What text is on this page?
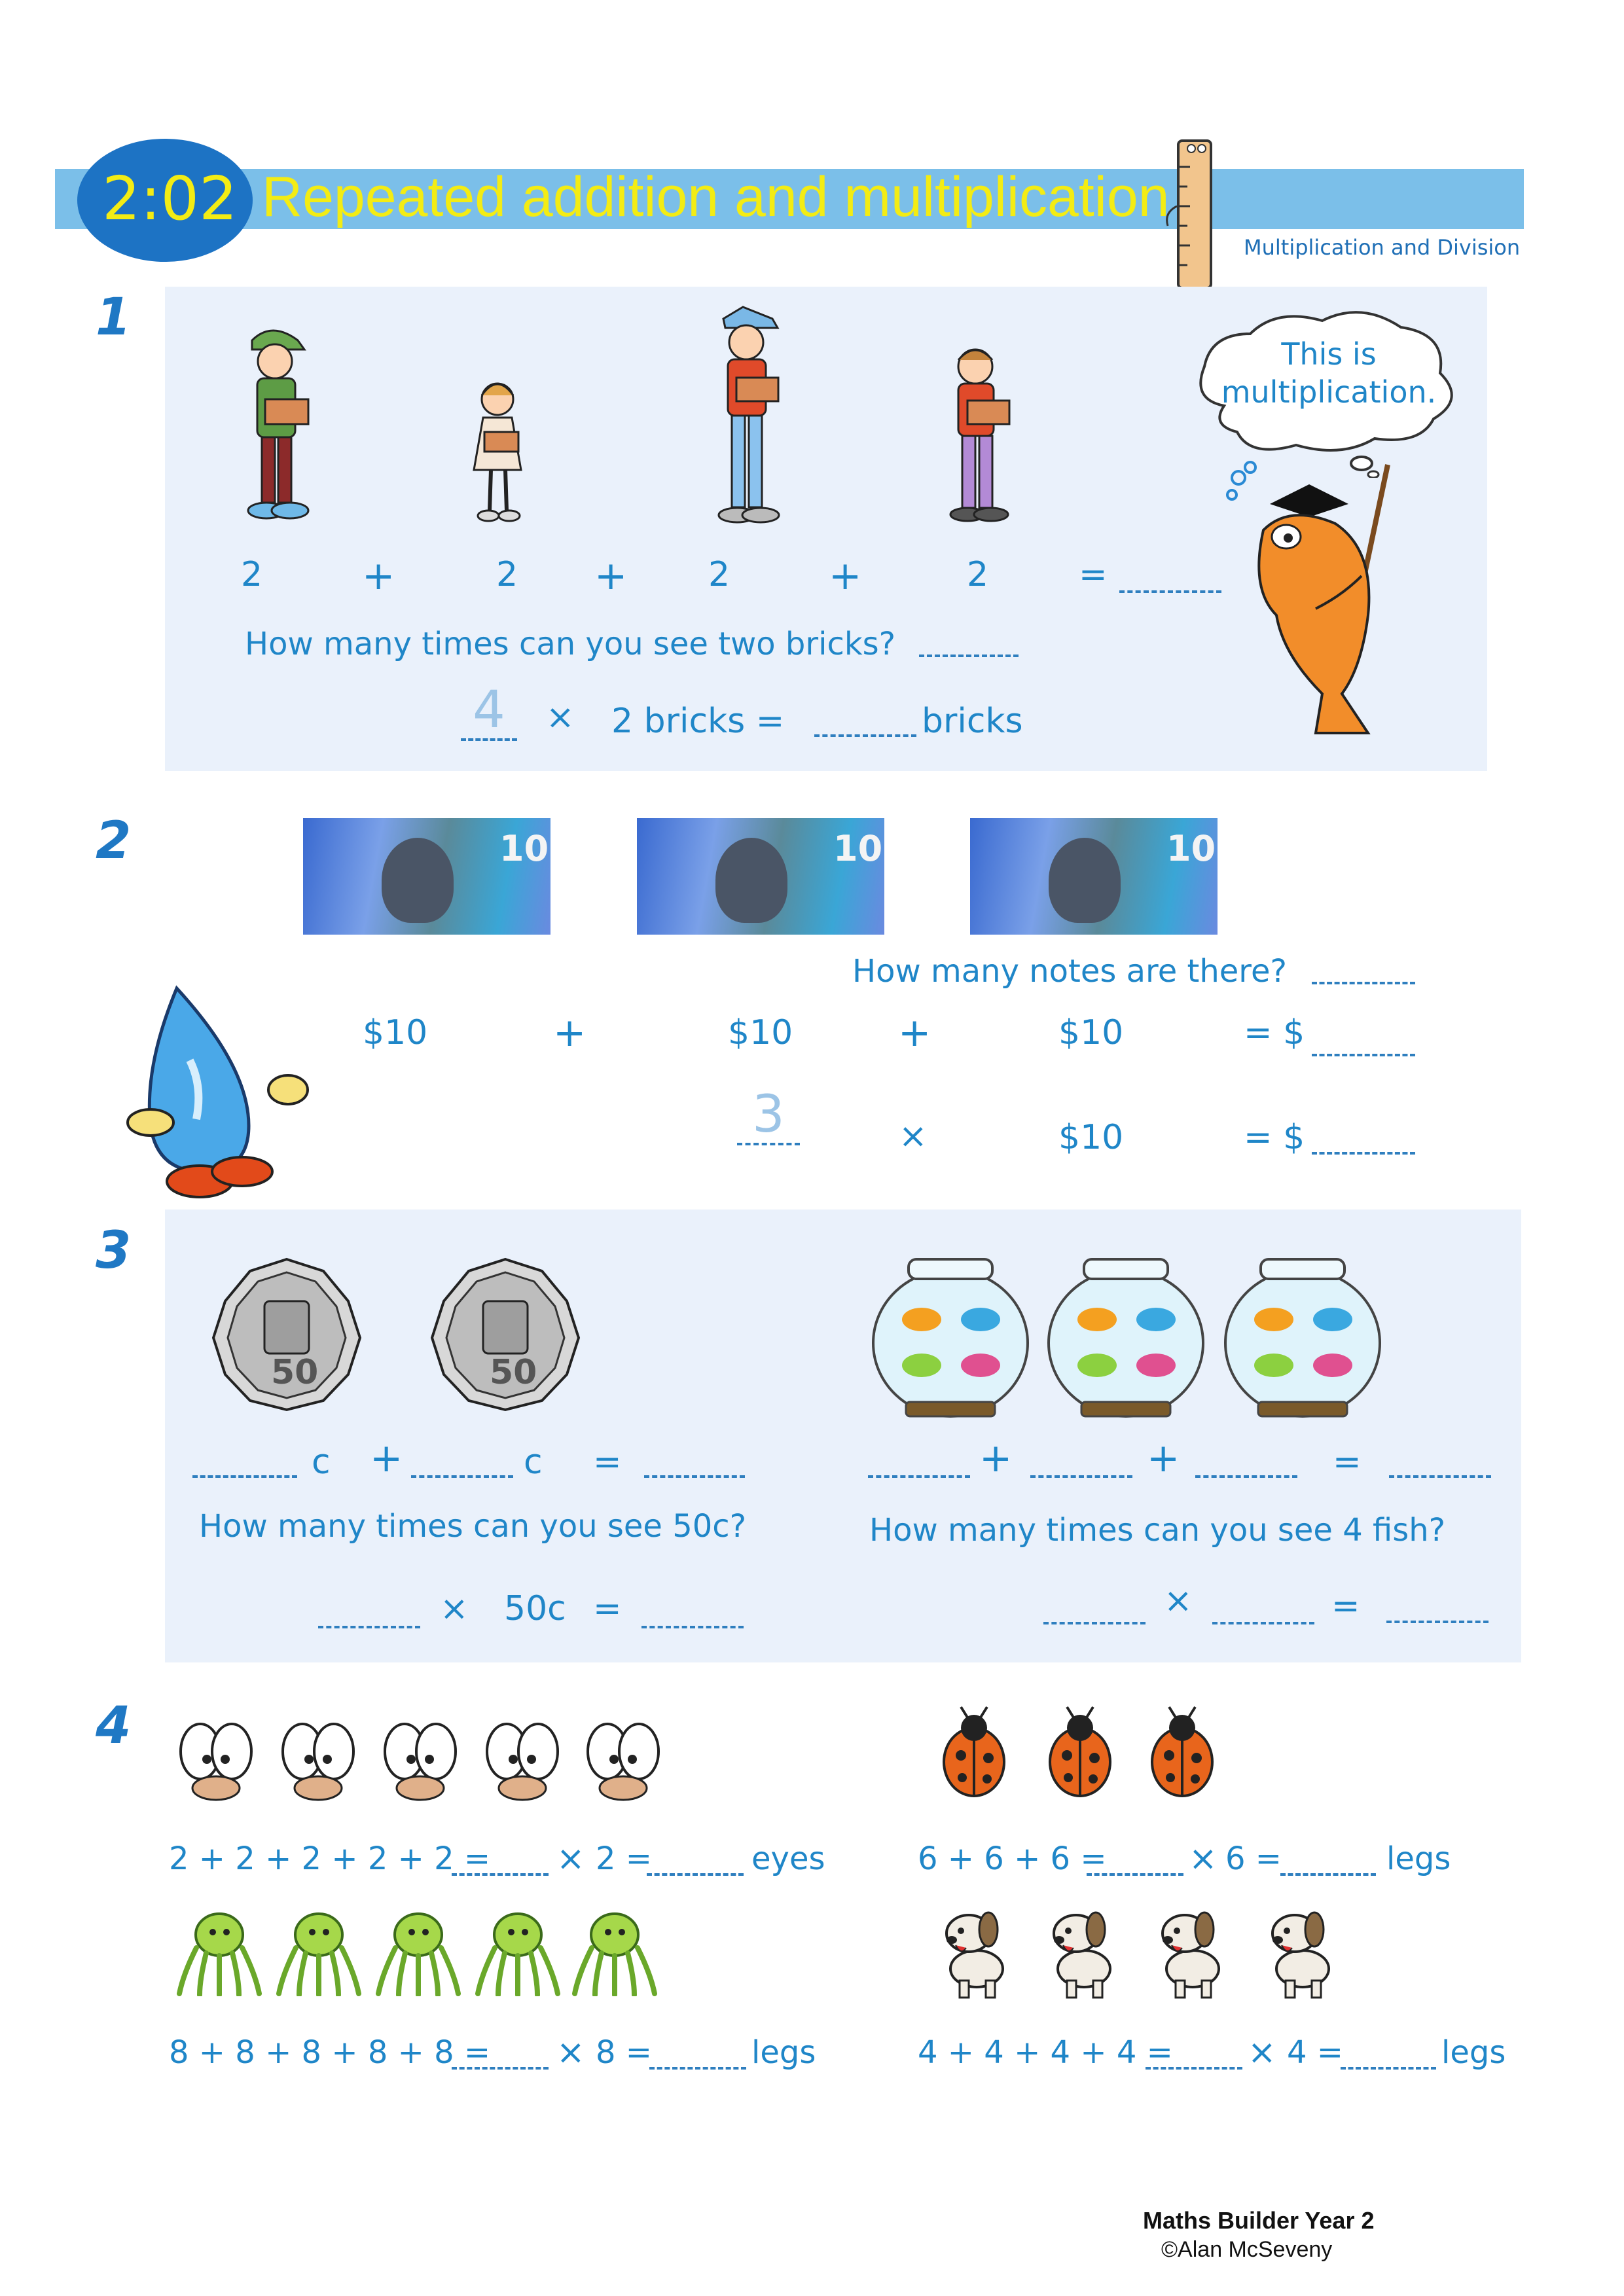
2:02 Repeated addition and multiplication
Multiplication and Division
1
This is multiplication.
2	+	2 + 2	+	2	=
How many times can you see two bricks?
4	× 2 bricks =	bricks
2	10	10	10
How many notes are there?
$10	+	$10	+	$10	= $
3	×	$10	= $
3
50	50
c +	c =
How many times can you see 50c?
× 50c =
+	+	=
How many times can you see 4 fish?
×	=
4
2 + 2 + 2 + 2 + 2 = × 2 =	eyes	6 + 6 + 6 = × 6 =	legs
8 + 8 + 8 + 8 + 8 = × 8 =	legs	4 + 4 + 4 + 4 = × 4 =	legs
Maths Builder Year 2
©Alan McSeveny
